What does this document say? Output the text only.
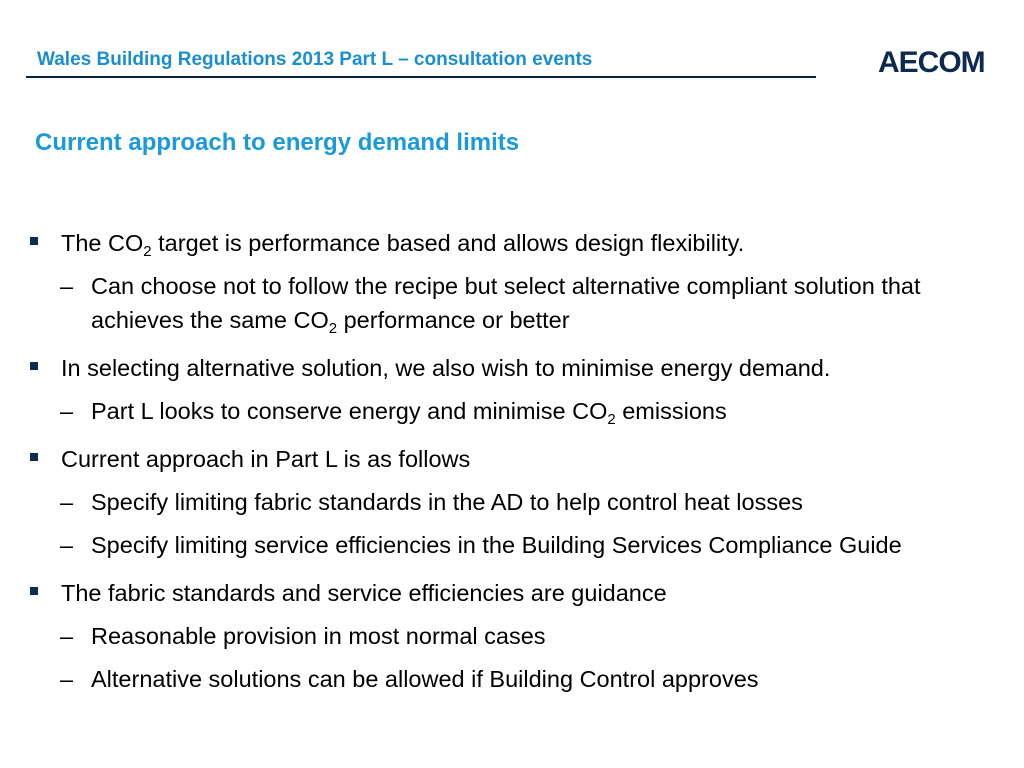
Wales Building Regulations 2013 Part L – consultation events	AECOM
Current approach to energy demand limits
The $CO_2$ target is performance based and allows design flexibility.
– Can choose not to follow the recipe but select alternative compliant solution that achieves the same $CO_2$ performance or better
In selecting alternative solution, we also wish to minimise energy demand.
– Part L looks to conserve energy and minimise $CO_2$ emissions
Current approach in Part L is as follows
– Specify limiting fabric standards in the AD to help control heat losses
– Specify limiting service efficiencies in the Building Services Compliance Guide
The fabric standards and service efficiencies are guidance
– Reasonable provision in most normal cases
– Alternative solutions can be allowed if Building Control approves
